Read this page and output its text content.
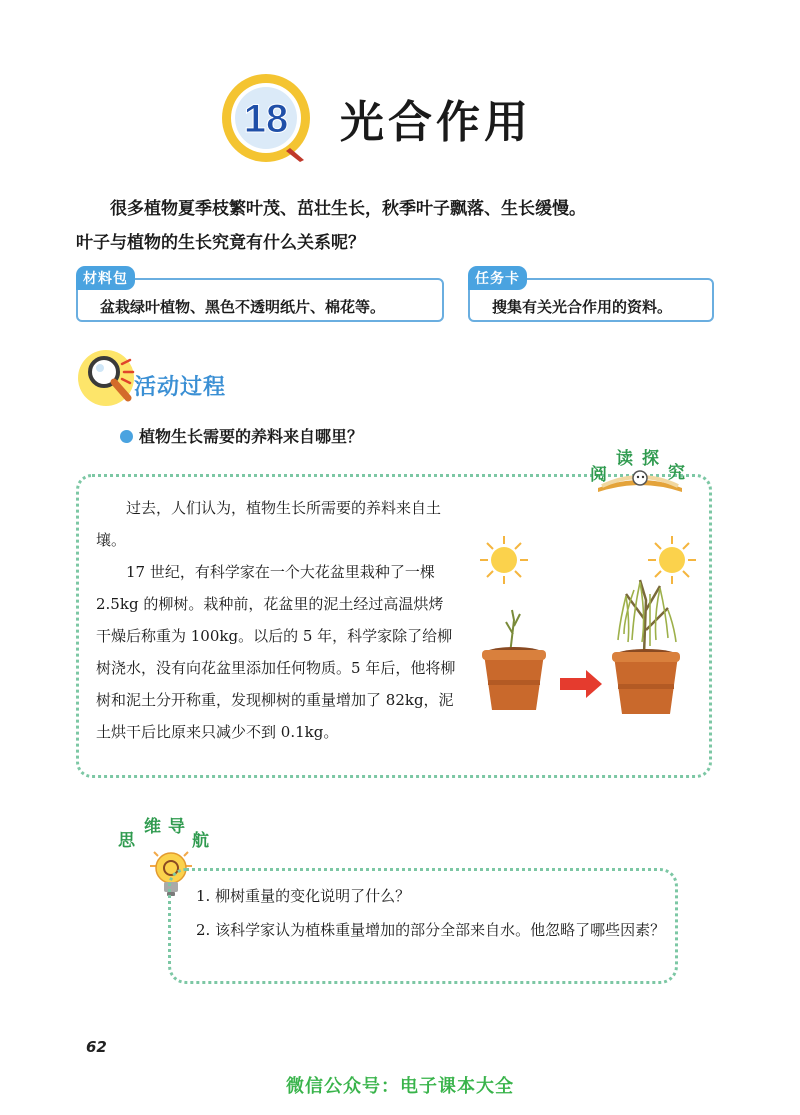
18 光合作用
很多植物夏季枝繁叶茂、茁壮生长，秋季叶子飘落、生长缓慢。
叶子与植物的生长究竟有什么关系呢？
材料包
盆栽绿叶植物、黑色不透明纸片、棉花等。
任务卡
搜集有关光合作用的资料。
活动过程
植物生长需要的养料来自哪里？
阅
读 探
究

过去，人们认为，植物生长所需要的养料来自土壤。

17 世纪，有科学家在一个大花盆里栽种了一棵 2.5kg 的柳树。栽种前，花盆里的泥土经过高温烘烤干燥后称重为 100kg。以后的 5 年，科学家除了给柳树浇水，没有向花盆里添加任何物质。5 年后，他将柳树和泥土分开称重，发现柳树的重量增加了 82kg，泥土烘干后比原来只减少不到 0.1kg。

思
维 导
航
1. 柳树重量的变化说明了什么？
2. 该科学家认为植株重量增加的部分全部来自水。他忽略了哪些因素？
62
微信公众号：电子课本大全
